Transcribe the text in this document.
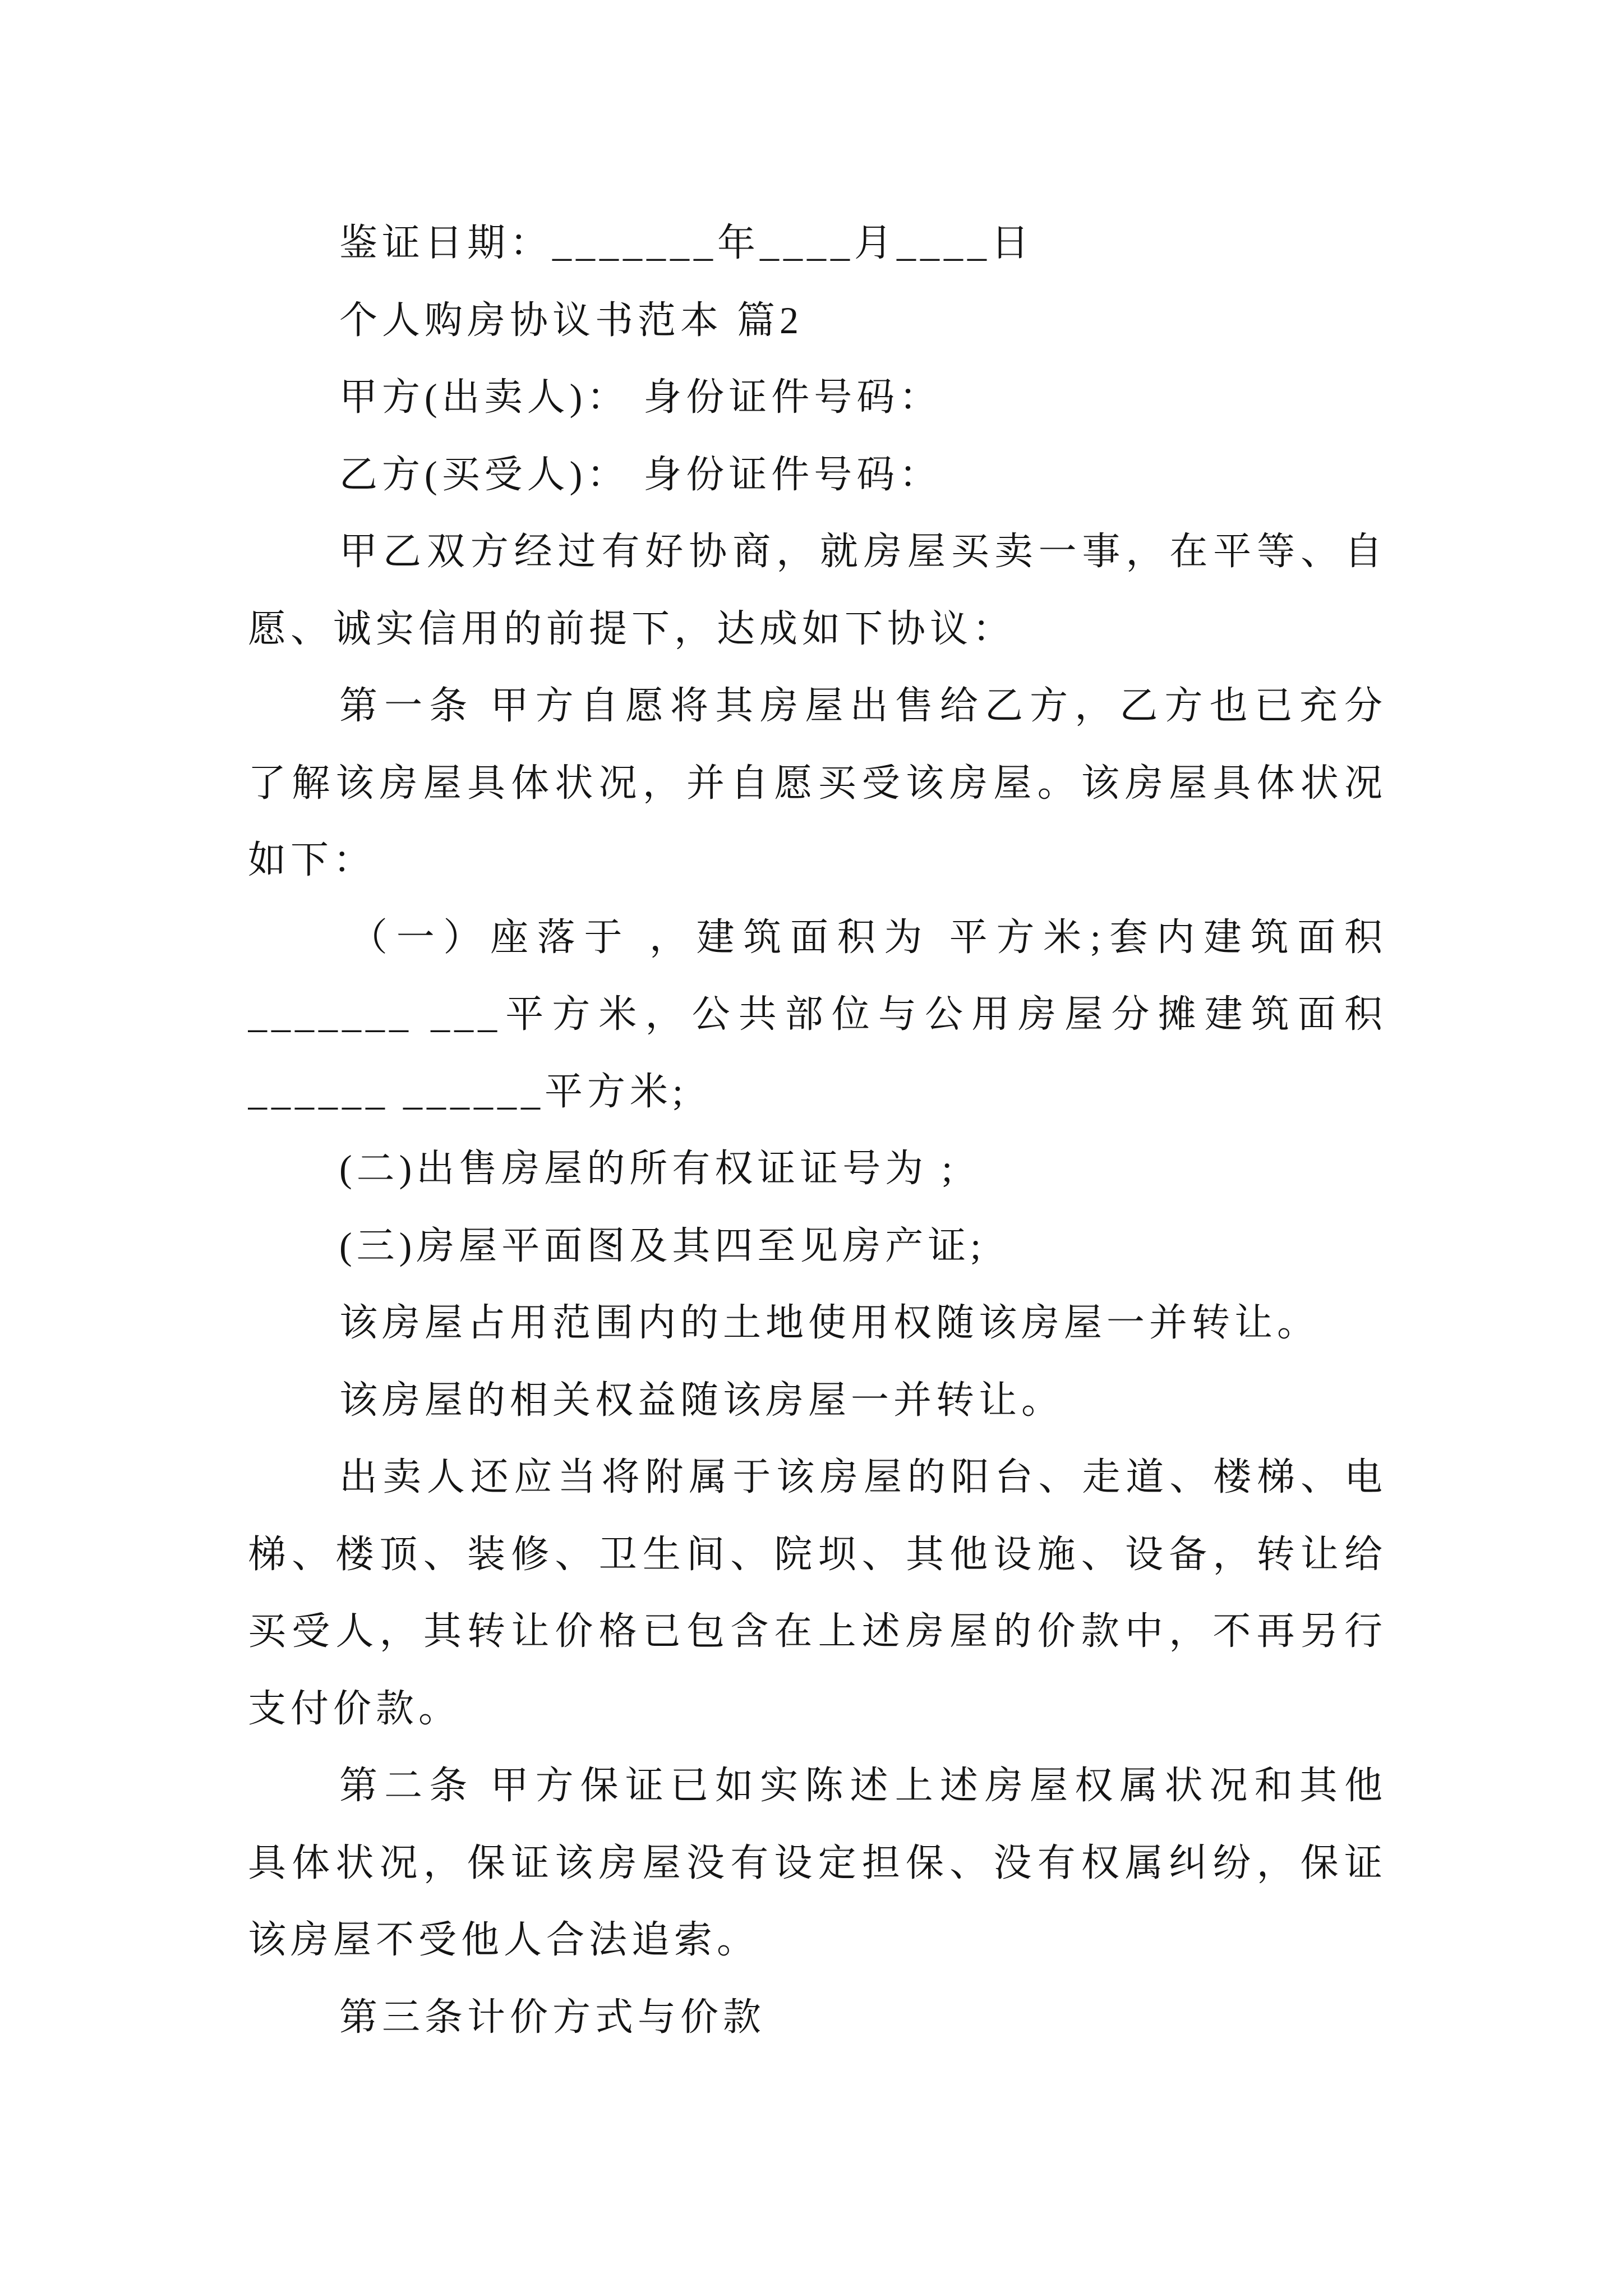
鉴证日期：_______年____月____日
个人购房协议书范本 篇2
甲方(出卖人)： 身份证件号码：
乙方(买受人)： 身份证件号码：
甲乙双方经过有好协商，就房屋买卖一事，在平等、自
愿、诚实信用的前提下，达成如下协议：
第一条 甲方自愿将其房屋出售给乙方，乙方也已充分
了解该房屋具体状况，并自愿买受该房屋。该房屋具体状况
如下：
（一）座落于 ，建筑面积为 平方米;套内建筑面积
_______ ___平方米，公共部位与公用房屋分摊建筑面积
______ ______平方米;
(二)出售房屋的所有权证证号为 ;
(三)房屋平面图及其四至见房产证;
该房屋占用范围内的土地使用权随该房屋一并转让。
该房屋的相关权益随该房屋一并转让。
出卖人还应当将附属于该房屋的阳台、走道、楼梯、电
梯、楼顶、装修、卫生间、院坝、其他设施、设备，转让给
买受人，其转让价格已包含在上述房屋的价款中，不再另行
支付价款。
第二条 甲方保证已如实陈述上述房屋权属状况和其他
具体状况，保证该房屋没有设定担保、没有权属纠纷，保证
该房屋不受他人合法追索。
第三条计价方式与价款
